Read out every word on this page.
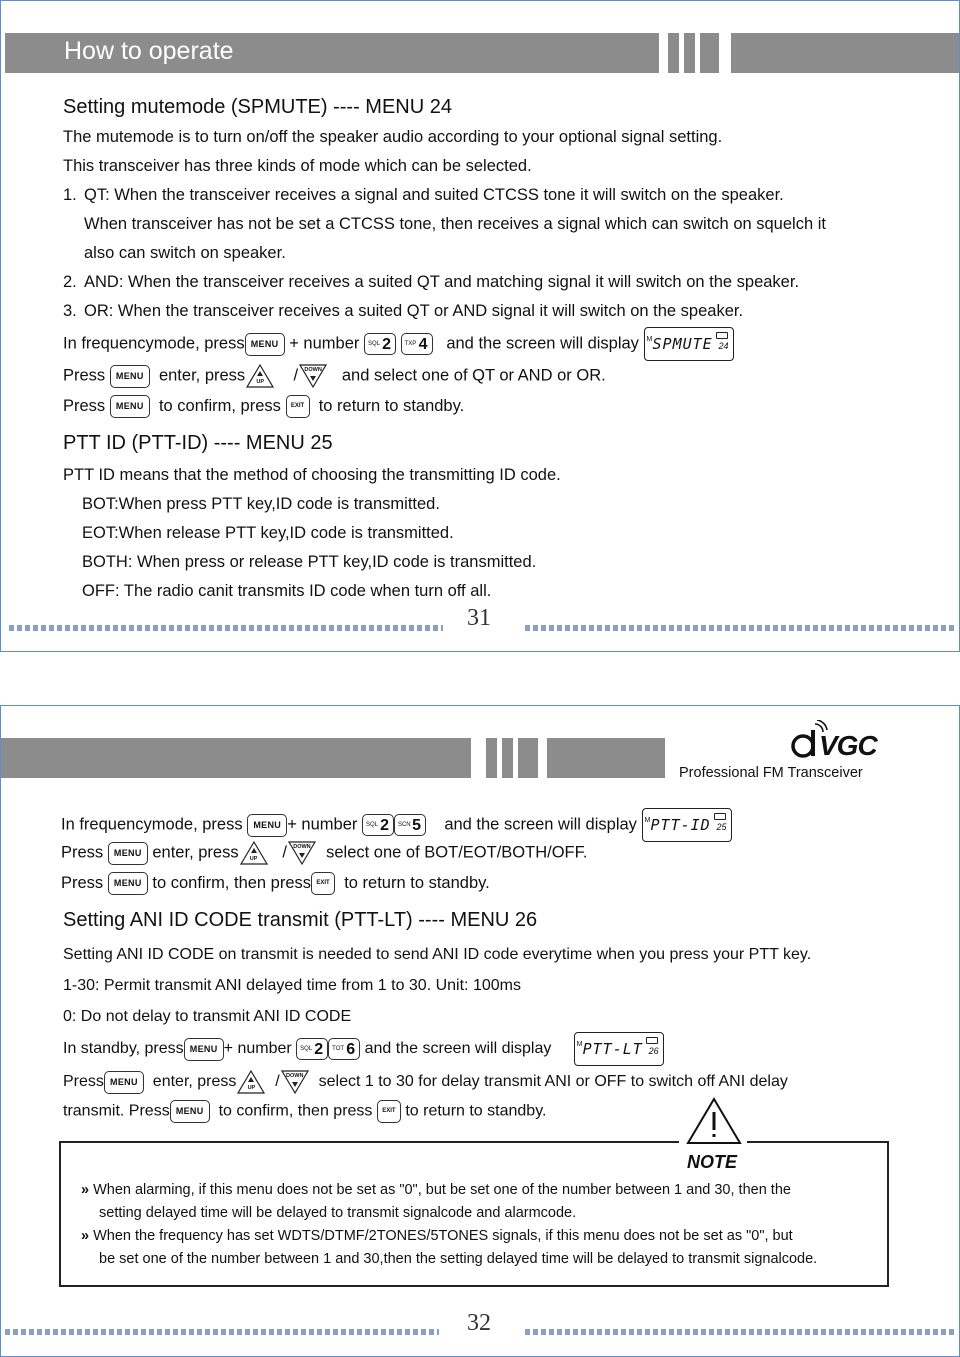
How to operate
Setting mutemode (SPMUTE) ---- MENU 24
The mutemode is to turn on/off the speaker audio according to your optional signal setting.
This transceiver has three kinds of mode which can be selected.
1. QT: When the transceiver receives a signal and suited CTCSS tone it will switch on the speaker.
When transceiver has not be set a CTCSS tone, then receives a signal which can switch on squelch it
also can switch on speaker.
2. AND: When the transceiver receives a suited QT and matching signal it will switch on the speaker.
3. OR: When the transceiver receives a suited QT or AND signal it will switch on the speaker.
In frequencymode, press MENU + number SQL 2
TXP 4 and the screen will display M SPMUTE 24
Press MENU enter, press	UP	/	DOWN	and select one of QT or AND or OR.
Press MENU to confirm, press EXIT to return to standby.
PTT ID (PTT-ID) ---- MENU 25
PTT ID means that the method of choosing the transmitting ID code.
BOT:When press PTT key,ID code is transmitted.
EOT:When release PTT key,ID code is transmitted.
BOTH: When press or release PTT key,ID code is transmitted.
OFF: The radio canit transmits ID code when turn off all.
31
VGC
Professional FM Transceiver
In frequencymode, press MENU + number SQL 2 SCN 5 and the screen will display M PTT-ID 25
Press MENU enter, press	UP	/	DOWN select one of BOT/EOT/BOTH/OFF.
Press MENU to confirm, then press EXIT to return to standby.
Setting ANI ID CODE transmit (PTT-LT) ---- MENU 26
Setting ANI ID CODE on transmit is needed to send ANI ID code everytime when you press your PTT key.
1-30: Permit transmit ANI delayed time from 1 to 30. Unit: 100ms
0: Do not delay to transmit ANI ID CODE
In standby, press MENU + number SQL 2 TOT 6 and the screen will display	M PTT-LT 26
Press MENU enter, press	UP	/	DOWN select 1 to 30 for delay transmit ANI or OFF to switch off ANI delay
transmit. Press MENU to confirm, then press EXIT to return to standby.
NOTE
» When alarming, if this menu does not be set as "0", but be set one of the number between 1 and 30, then the
setting delayed time will be delayed to transmit signalcode and alarmcode.
» When the frequency has set WDTS/DTMF/2TONES/5TONES signals, if this menu does not be set as "0", but
be set one of the number between 1 and 30,then the setting delayed time will be delayed to transmit signalcode.
32
